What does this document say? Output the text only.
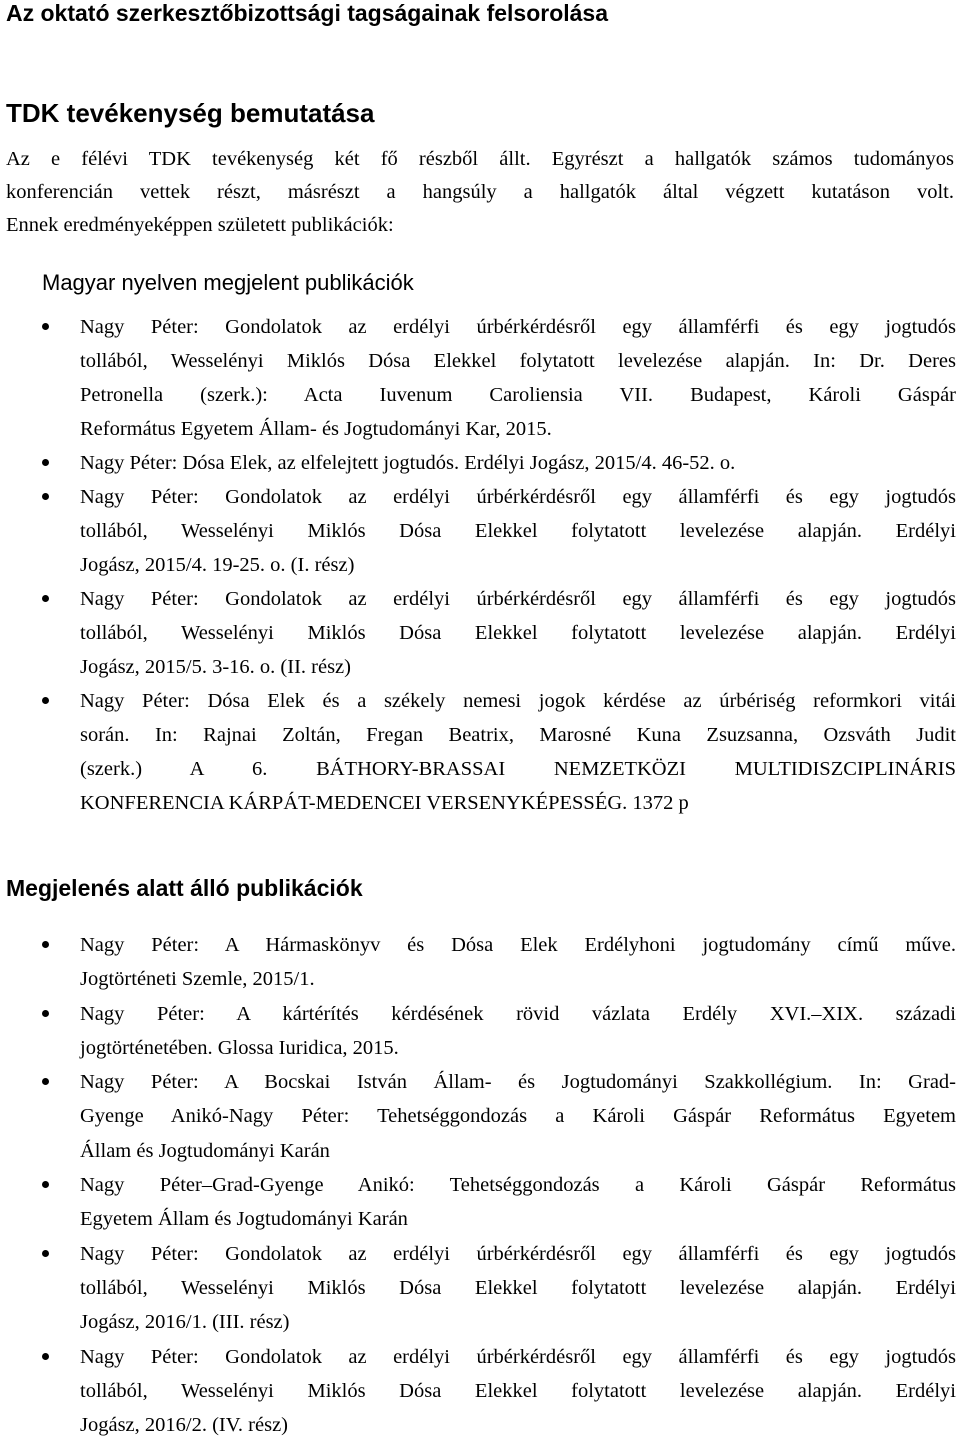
Az oktató szerkesztőbizottsági tagságainak felsorolása
TDK tevékenység bemutatása

Az e félévi TDK tevékenység két fő részből állt. Egyrészt a hallgatók számos tudományos
konferencián vettek részt, másrészt a hangsúly a hallgatók által végzett kutatáson volt.
Ennek eredményeképpen született publikációk:

Magyar nyelven megjelent publikációk
Nagy Péter: Gondolatok az erdélyi úrbérkérdésről egy államférfi és egy jogtudós
tollából, Wesselényi Miklós Dósa Elekkel folytatott levelezése alapján. In: Dr. Deres
Petronella (szerk.): Acta Iuvenum Caroliensia VII. Budapest, Károli Gáspár
Református Egyetem Állam- és Jogtudományi Kar, 2015.
Nagy Péter: Dósa Elek, az elfelejtett jogtudós. Erdélyi Jogász, 2015/4. 46-52. o.
Nagy Péter: Gondolatok az erdélyi úrbérkérdésről egy államférfi és egy jogtudós
tollából, Wesselényi Miklós Dósa Elekkel folytatott levelezése alapján. Erdélyi
Jogász, 2015/4. 19-25. o. (I. rész)
Nagy Péter: Gondolatok az erdélyi úrbérkérdésről egy államférfi és egy jogtudós
tollából, Wesselényi Miklós Dósa Elekkel folytatott levelezése alapján. Erdélyi
Jogász, 2015/5. 3-16. o. (II. rész)
Nagy Péter: Dósa Elek és a székely nemesi jogok kérdése az úrbériség reformkori vitái
során. In: Rajnai Zoltán, Fregan Beatrix, Marosné Kuna Zsuzsanna, Ozsváth Judit
(szerk.) A 6. BÁTHORY-BRASSAI NEMZETKÖZI MULTIDISZCIPLINÁRIS
KONFERENCIA KÁRPÁT-MEDENCEI VERSENYKÉPESSÉG. 1372 p
Megjelenés alatt álló publikációk
Nagy Péter: A Hármaskönyv és Dósa Elek Erdélyhoni jogtudomány című műve.
Jogtörténeti Szemle, 2015/1.
Nagy Péter: A kártérítés kérdésének rövid vázlata Erdély XVI.–XIX. századi
jogtörténetében. Glossa Iuridica, 2015.
Nagy Péter: A Bocskai István Állam- és Jogtudományi Szakkollégium. In: Grad-
Gyenge Anikó-Nagy Péter: Tehetséggondozás a Károli Gáspár Református Egyetem
Állam és Jogtudományi Karán
Nagy Péter–Grad-Gyenge Anikó: Tehetséggondozás a Károli Gáspár Református
Egyetem Állam és Jogtudományi Karán
Nagy Péter: Gondolatok az erdélyi úrbérkérdésről egy államférfi és egy jogtudós
tollából, Wesselényi Miklós Dósa Elekkel folytatott levelezése alapján. Erdélyi
Jogász, 2016/1. (III. rész)
Nagy Péter: Gondolatok az erdélyi úrbérkérdésről egy államférfi és egy jogtudós
tollából, Wesselényi Miklós Dósa Elekkel folytatott levelezése alapján. Erdélyi
Jogász, 2016/2. (IV. rész)
